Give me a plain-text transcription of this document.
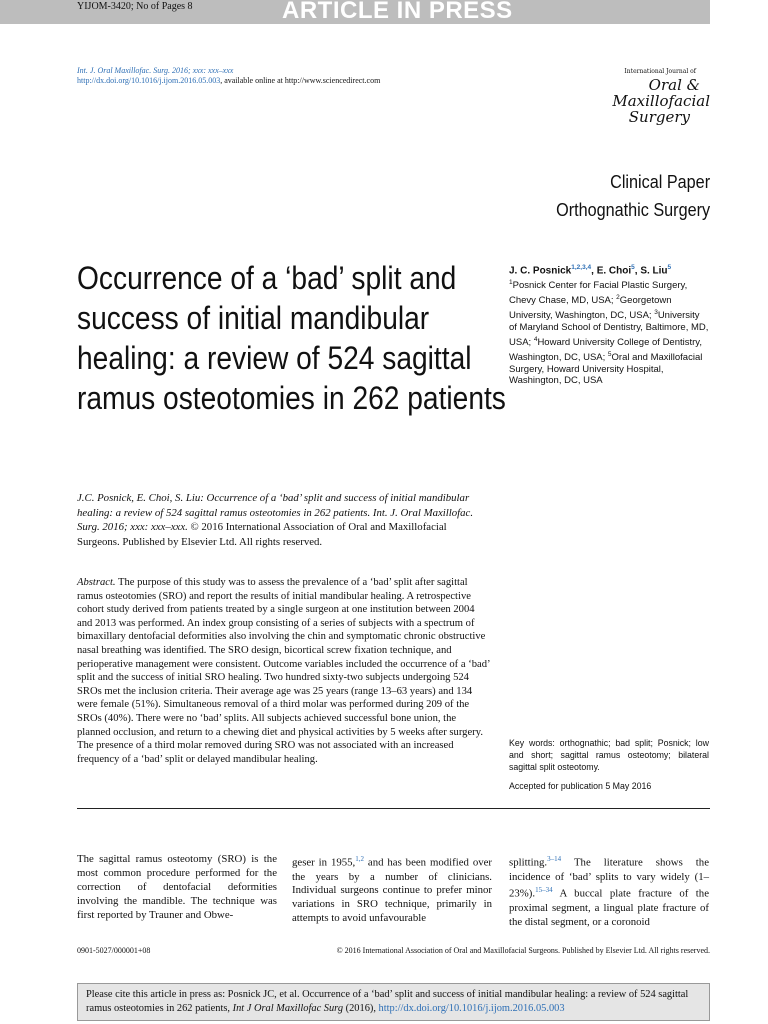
YIJOM-3420; No of Pages 8	ARTICLE IN PRESS
Int. J. Oral Maxillofac. Surg. 2016; xxx: xxx–xxx
http://dx.doi.org/10.1016/j.ijom.2016.05.003, available online at http://www.sciencedirect.com
International Journal of
Oral &
Maxillofacial
Surgery
Clinical Paper
Orthognathic Surgery
Occurrence of a ‘bad’ split and success of initial mandibular healing: a review of 524 sagittal ramus osteotomies in 262 patients
J. C. Posnick$^{1,2,3,4}$, E. Choi$^5$, S. Liu$^5$
$^1$Posnick Center for Facial Plastic Surgery, Chevy Chase, MD, USA; $^2$Georgetown University, Washington, DC, USA; $^3$University of Maryland School of Dentistry, Baltimore, MD, USA; $^4$Howard University College of Dentistry, Washington, DC, USA; $^5$Oral and Maxillofacial Surgery, Howard University Hospital, Washington, DC, USA
J.C. Posnick, E. Choi, S. Liu: Occurrence of a ‘bad’ split and success of initial mandibular healing: a review of 524 sagittal ramus osteotomies in 262 patients. Int. J. Oral Maxillofac. Surg. 2016; xxx: xxx–xxx. © 2016 International Association of Oral and Maxillofacial Surgeons. Published by Elsevier Ltd. All rights reserved.
Abstract. The purpose of this study was to assess the prevalence of a ‘bad’ split after sagittal ramus osteotomies (SRO) and report the results of initial mandibular healing. A retrospective cohort study derived from patients treated by a single surgeon at one institution between 2004 and 2013 was performed. An index group consisting of a series of subjects with a spectrum of bimaxillary dentofacial deformities also involving the chin and symptomatic chronic obstructive nasal breathing was identified. The SRO design, bicortical screw fixation technique, and perioperative management were consistent. Outcome variables included the occurrence of a ‘bad’ split and the success of initial SRO healing. Two hundred sixty-two subjects undergoing 524 SROs met the inclusion criteria. Their average age was 25 years (range 13–63 years) and 134 were female (51%). Simultaneous removal of a third molar was performed during 209 of the SROs (40%). There were no ‘bad’ splits. All subjects achieved successful bone union, the planned occlusion, and return to a chewing diet and physical activities by 5 weeks after surgery. The presence of a third molar removed during SRO was not associated with an increased frequency of a ‘bad’ split or delayed mandibular healing.
Key words: orthognathic; bad split; Posnick; low and short; sagittal ramus osteotomy; bilateral sagittal split osteotomy.
Accepted for publication 5 May 2016
The sagittal ramus osteotomy (SRO) is the most common procedure performed for the correction of dentofacial deformities involving the mandible. The technique was first reported by Trauner and Obwe-
geser in 1955,$^{1,2}$ and has been modified over the years by a number of clinicians. Individual surgeons continue to prefer minor variations in SRO technique, primarily in attempts to avoid unfavourable
splitting.$^{3-14}$ The literature shows the incidence of ‘bad’ splits to vary widely (1–23%).$^{15-34}$ A buccal plate fracture of the proximal segment, a lingual plate fracture of the distal segment, or a coronoid
0901-5027/000001+08	© 2016 International Association of Oral and Maxillofacial Surgeons. Published by Elsevier Ltd. All rights reserved.
Please cite this article in press as: Posnick JC, et al. Occurrence of a ‘bad’ split and success of initial mandibular healing: a review of 524 sagittal ramus osteotomies in 262 patients, Int J Oral Maxillofac Surg (2016), http://dx.doi.org/10.1016/j.ijom.2016.05.003
